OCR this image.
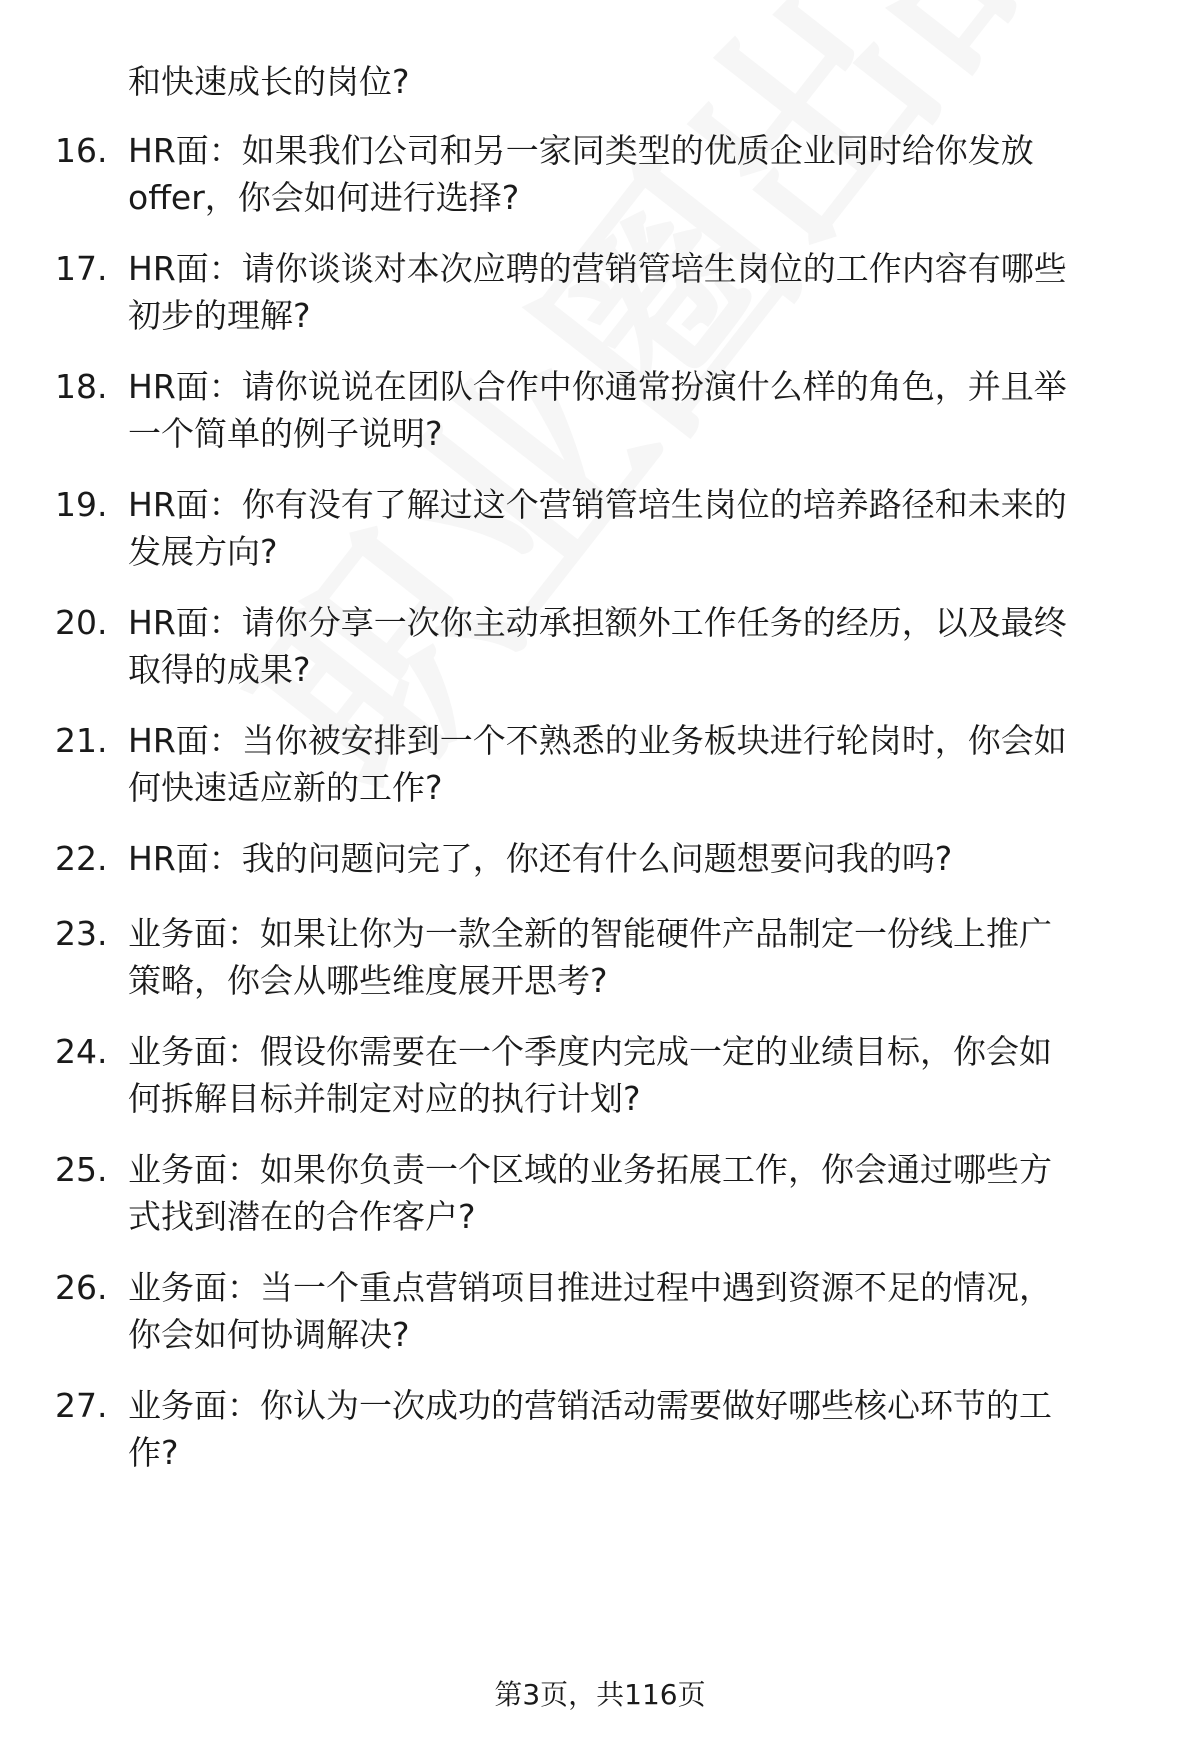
和快速成长的岗位?
16. HR面：如果我们公司和另一家同类型的优质企业同时给你发放
offer，你会如何进行选择?
17. HR面：请你谈谈对本次应聘的营销管培生岗位的工作内容有哪些
初步的理解?
18. HR面：请你说说在团队合作中你通常扮演什么样的角色，并且举
一个简单的例子说明?
19. HR面：你有没有了解过这个营销管培生岗位的培养路径和未来的
发展方向?
20. HR面：请你分享一次你主动承担额外工作任务的经历，以及最终
取得的成果?
21. HR面：当你被安排到一个不熟悉的业务板块进行轮岗时，你会如
何快速适应新的工作?
22. HR面：我的问题问完了，你还有什么问题想要问我的吗?
23. 业务面：如果让你为一款全新的智能硬件产品制定一份线上推广
策略，你会从哪些维度展开思考?
24. 业务面：假设你需要在一个季度内完成一定的业绩目标，你会如
何拆解目标并制定对应的执行计划?
25. 业务面：如果你负责一个区域的业务拓展工作，你会通过哪些方
式找到潜在的合作客户?
26. 业务面：当一个重点营销项目推进过程中遇到资源不足的情况，
你会如何协调解决?
27. 业务面：你认为一次成功的营销活动需要做好哪些核心环节的工
作?
第3页，共116页
